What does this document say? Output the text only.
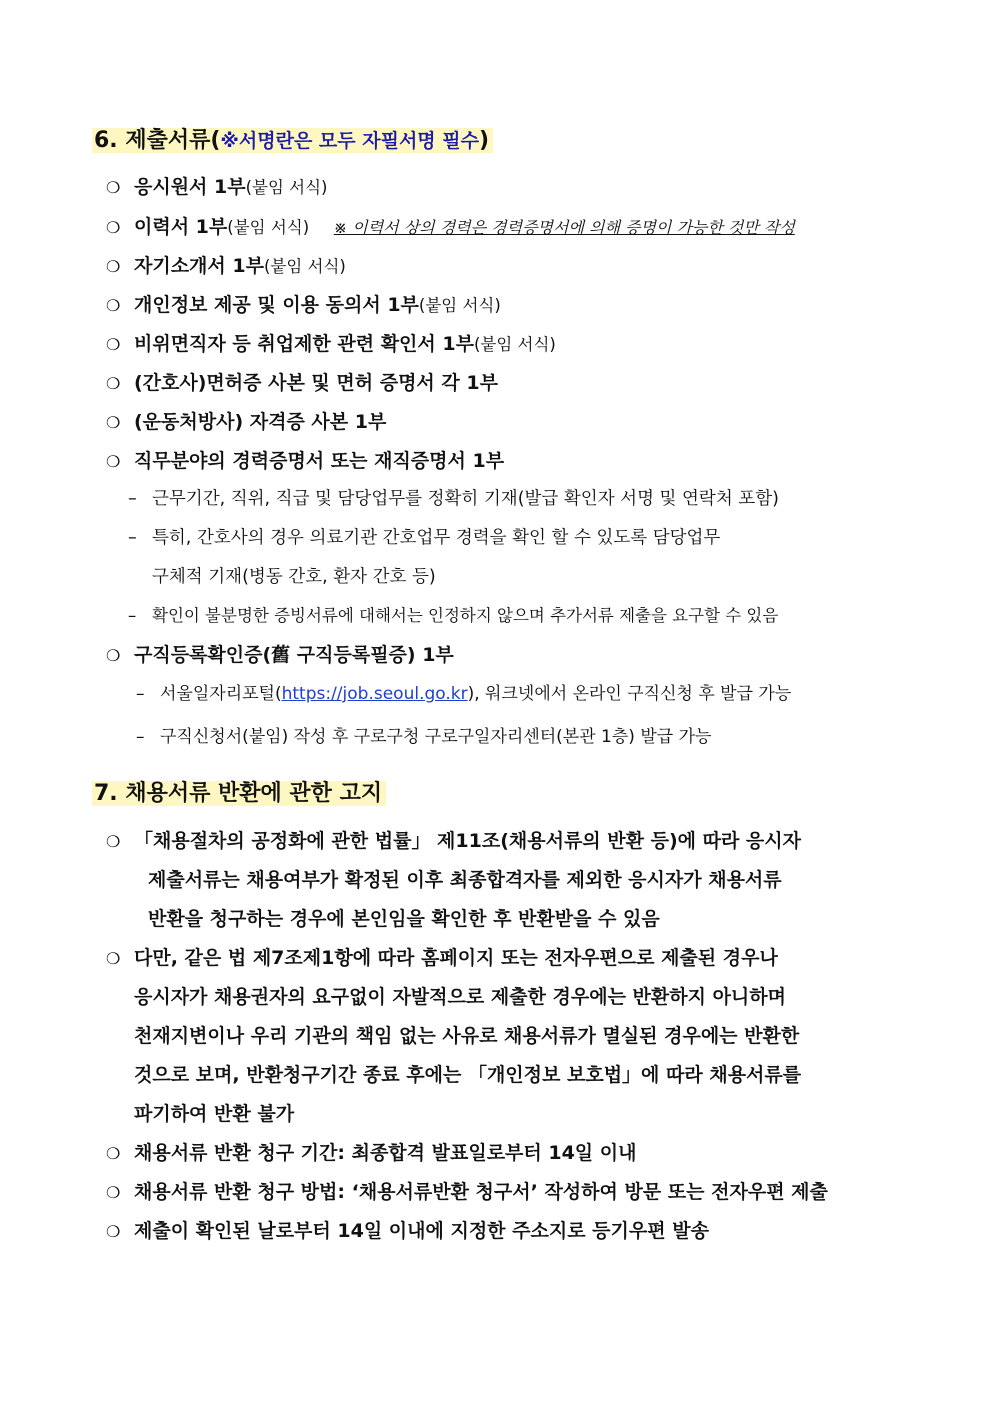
6. 제출서류(※서명란은 모두 자필서명 필수)
❍ 응시원서 1부(붙임 서식)
❍ 이력서 1부(붙임 서식) ※ 이력서 상의 경력은 경력증명서에 의해 증명이 가능한 것만 작성
❍ 자기소개서 1부(붙임 서식)
❍ 개인정보 제공 및 이용 동의서 1부(붙임 서식)
❍ 비위면직자 등 취업제한 관련 확인서 1부(붙임 서식)
❍ (간호사)면허증 사본 및 면허 증명서 각 1부
❍ (운동처방사) 자격증 사본 1부
❍ 직무분야의 경력증명서 또는 재직증명서 1부
– 근무기간, 직위, 직급 및 담당업무를 정확히 기재(발급 확인자 서명 및 연락처 포함)
– 특히, 간호사의 경우 의료기관 간호업무 경력을 확인 할 수 있도록 담당업무
구체적 기재(병동 간호, 환자 간호 등)
– 확인이 불분명한 증빙서류에 대해서는 인정하지 않으며 추가서류 제출을 요구할 수 있음
❍ 구직등록확인증(舊 구직등록필증) 1부
– 서울일자리포털(https://job.seoul.go.kr), 워크넷에서 온라인 구직신청 후 발급 가능
– 구직신청서(붙임) 작성 후 구로구청 구로구일자리센터(본관 1층) 발급 가능
7. 채용서류 반환에 관한 고지
❍ 「채용절차의 공정화에 관한 법률」 제11조(채용서류의 반환 등)에 따라 응시자
제출서류는 채용여부가 확정된 이후 최종합격자를 제외한 응시자가 채용서류
반환을 청구하는 경우에 본인임을 확인한 후 반환받을 수 있음
❍ 다만, 같은 법 제7조제1항에 따라 홈페이지 또는 전자우편으로 제출된 경우나
응시자가 채용권자의 요구없이 자발적으로 제출한 경우에는 반환하지 아니하며
천재지변이나 우리 기관의 책임 없는 사유로 채용서류가 멸실된 경우에는 반환한
것으로 보며, 반환청구기간 종료 후에는 「개인정보 보호법」에 따라 채용서류를
파기하여 반환 불가
❍ 채용서류 반환 청구 기간: 최종합격 발표일로부터 14일 이내
❍ 채용서류 반환 청구 방법: ‘채용서류반환 청구서’ 작성하여 방문 또는 전자우편 제출
❍ 제출이 확인된 날로부터 14일 이내에 지정한 주소지로 등기우편 발송
